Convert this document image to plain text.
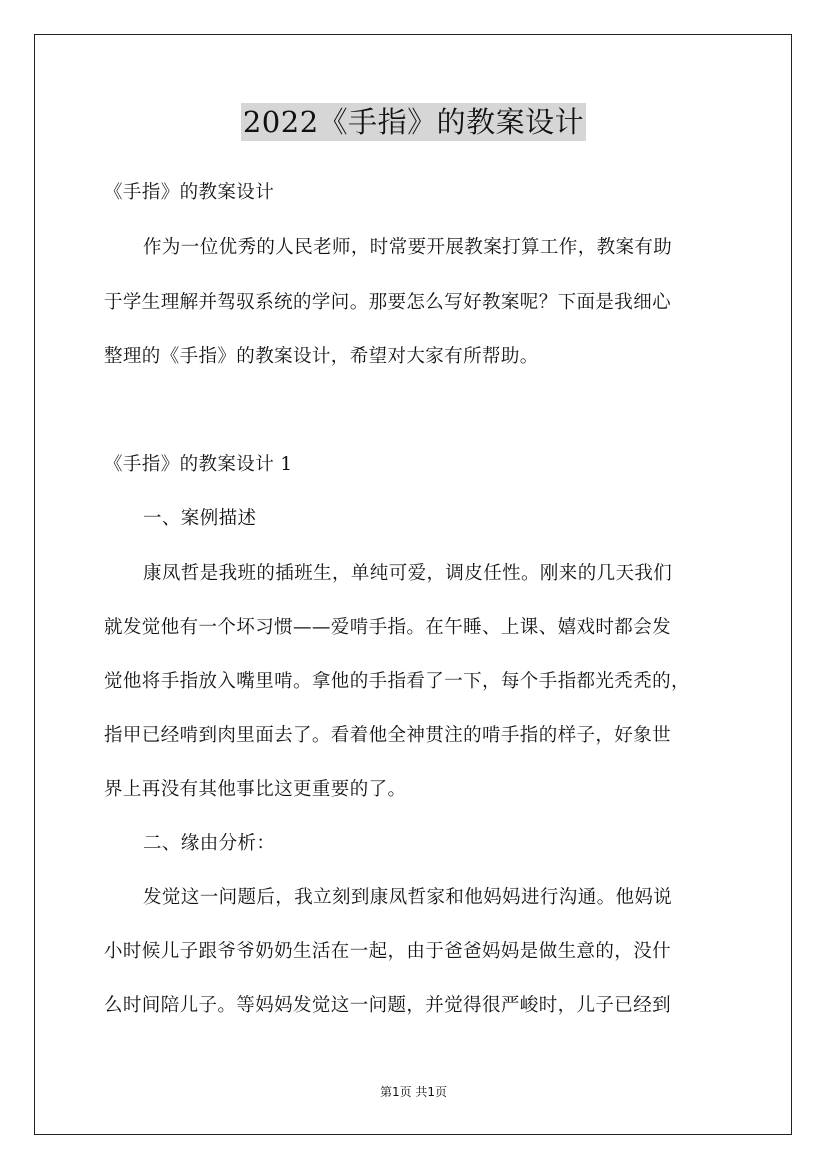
2022《手指》的教案设计
《手指》的教案设计
作为一位优秀的人民老师，时常要开展教案打算工作，教案有助
于学生理解并驾驭系统的学问。那要怎么写好教案呢？下面是我细心
整理的《手指》的教案设计，希望对大家有所帮助。
《手指》的教案设计 1
一、案例描述
康凤哲是我班的插班生，单纯可爱，调皮任性。刚来的几天我们
就发觉他有一个坏习惯——爱啃手指。在午睡、上课、嬉戏时都会发
觉他将手指放入嘴里啃。拿他的手指看了一下，每个手指都光秃秃的，
指甲已经啃到肉里面去了。看着他全神贯注的啃手指的样子，好象世
界上再没有其他事比这更重要的了。
二、缘由分析：
发觉这一问题后，我立刻到康凤哲家和他妈妈进行沟通。他妈说
小时候儿子跟爷爷奶奶生活在一起，由于爸爸妈妈是做生意的，没什
么时间陪儿子。等妈妈发觉这一问题，并觉得很严峻时，儿子已经到
第1页 共1页
